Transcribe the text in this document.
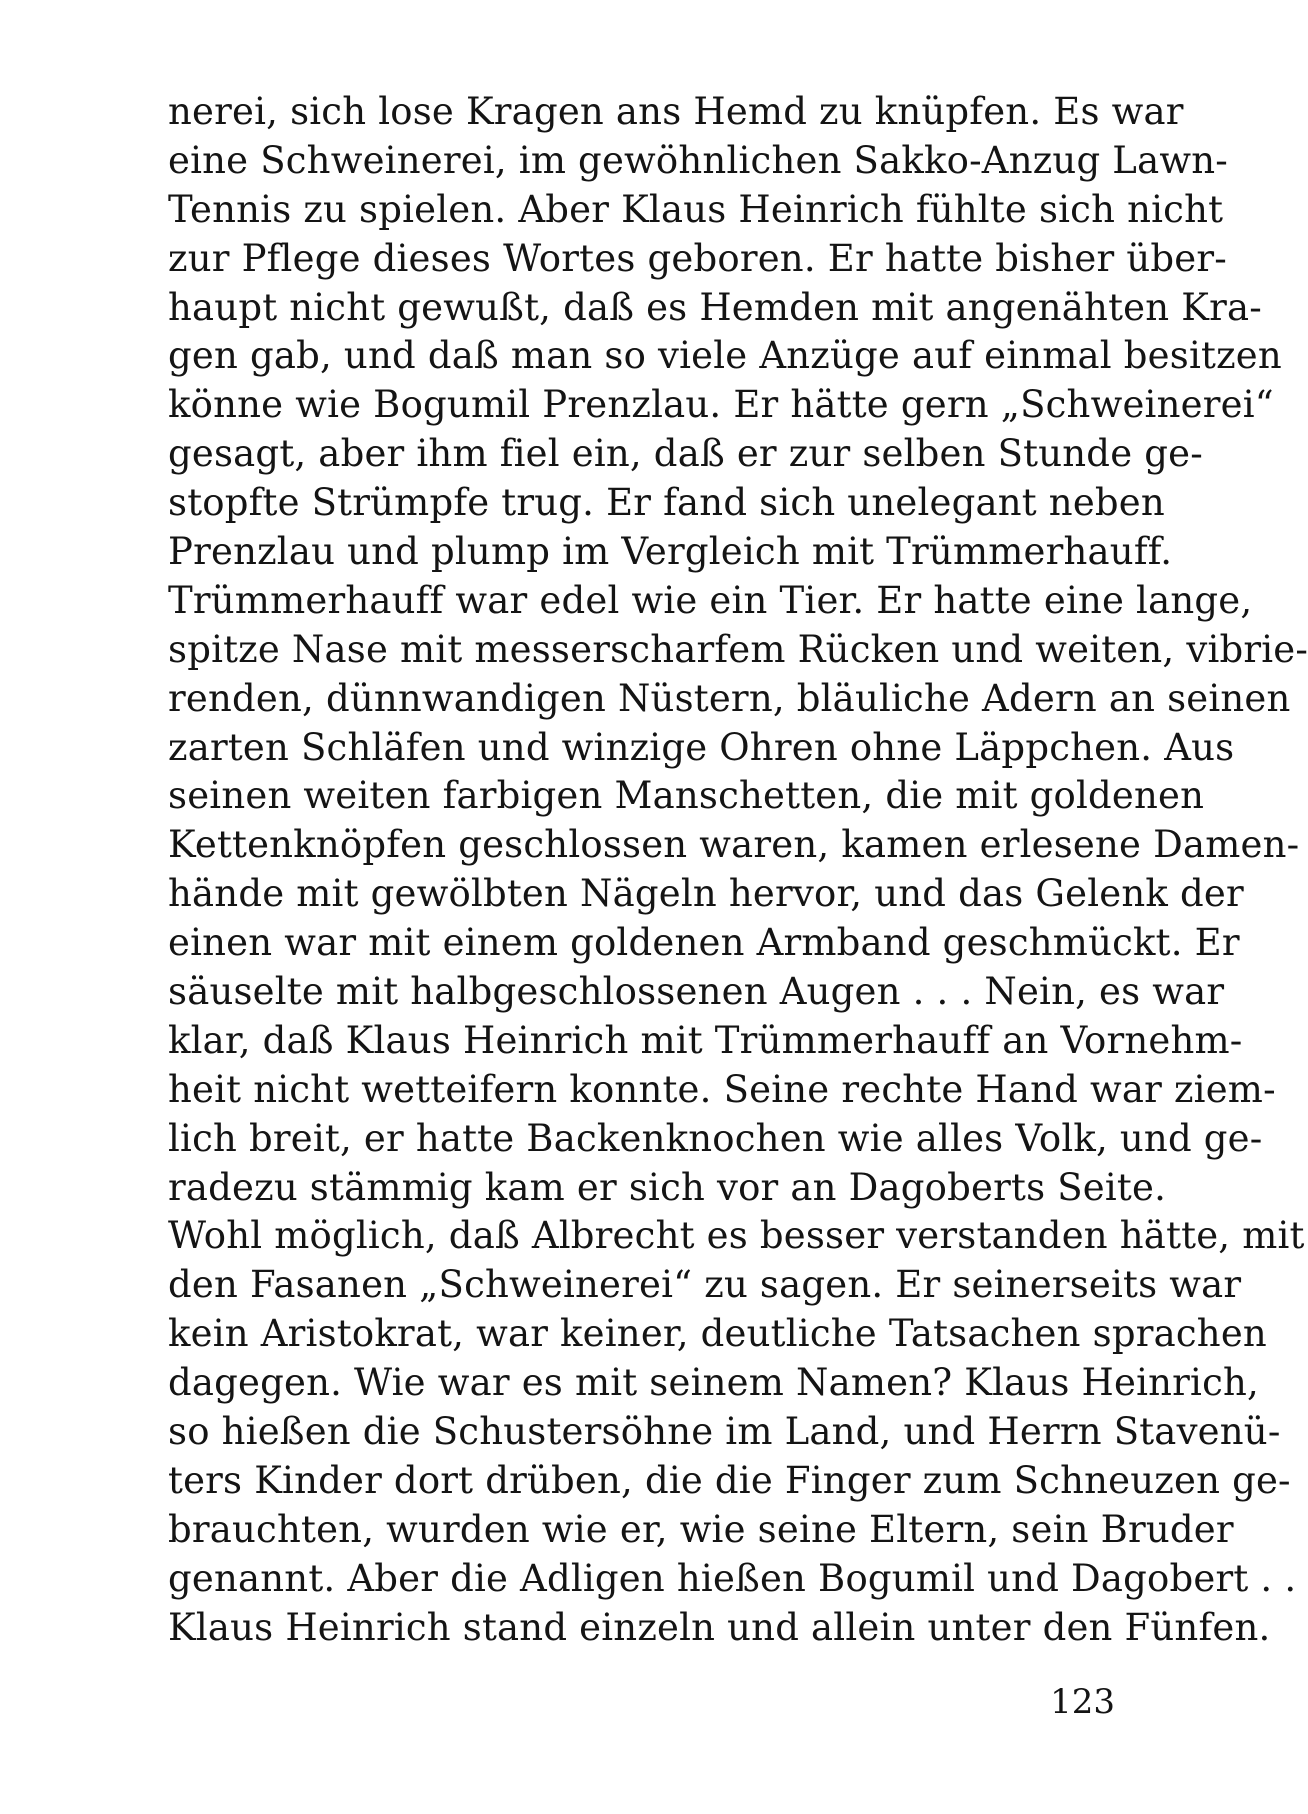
nerei, sich lose Kragen ans Hemd zu knüpfen. Es war
eine Schweinerei, im gewöhnlichen Sakko-Anzug Lawn-
Tennis zu spielen. Aber Klaus Heinrich fühlte sich nicht
zur Pflege dieses Wortes geboren. Er hatte bisher über-
haupt nicht gewußt, daß es Hemden mit angenähten Kra-
gen gab, und daß man so viele Anzüge auf einmal besitzen
könne wie Bogumil Prenzlau. Er hätte gern „Schweinerei“
gesagt, aber ihm fiel ein, daß er zur selben Stunde ge-
stopfte Strümpfe trug. Er fand sich unelegant neben
Prenzlau und plump im Vergleich mit Trümmerhauff.
Trümmerhauff war edel wie ein Tier. Er hatte eine lange,
spitze Nase mit messerscharfem Rücken und weiten, vibrie-
renden, dünnwandigen Nüstern, bläuliche Adern an seinen
zarten Schläfen und winzige Ohren ohne Läppchen. Aus
seinen weiten farbigen Manschetten, die mit goldenen
Kettenknöpfen geschlossen waren, kamen erlesene Damen-
hände mit gewölbten Nägeln hervor, und das Gelenk der
einen war mit einem goldenen Armband geschmückt. Er
säuselte mit halbgeschlossenen Augen . . . Nein, es war
klar, daß Klaus Heinrich mit Trümmerhauff an Vornehm-
heit nicht wetteifern konnte. Seine rechte Hand war ziem-
lich breit, er hatte Backenknochen wie alles Volk, und ge-
radezu stämmig kam er sich vor an Dagoberts Seite.
Wohl möglich, daß Albrecht es besser verstanden hätte, mit
den Fasanen „Schweinerei“ zu sagen. Er seinerseits war
kein Aristokrat, war keiner, deutliche Tatsachen sprachen
dagegen. Wie war es mit seinem Namen? Klaus Heinrich,
so hießen die Schustersöhne im Land, und Herrn Stavenü-
ters Kinder dort drüben, die die Finger zum Schneuzen ge-
brauchten, wurden wie er, wie seine Eltern, sein Bruder
genannt. Aber die Adligen hießen Bogumil und Dagobert . .
Klaus Heinrich stand einzeln und allein unter den Fünfen.
123
